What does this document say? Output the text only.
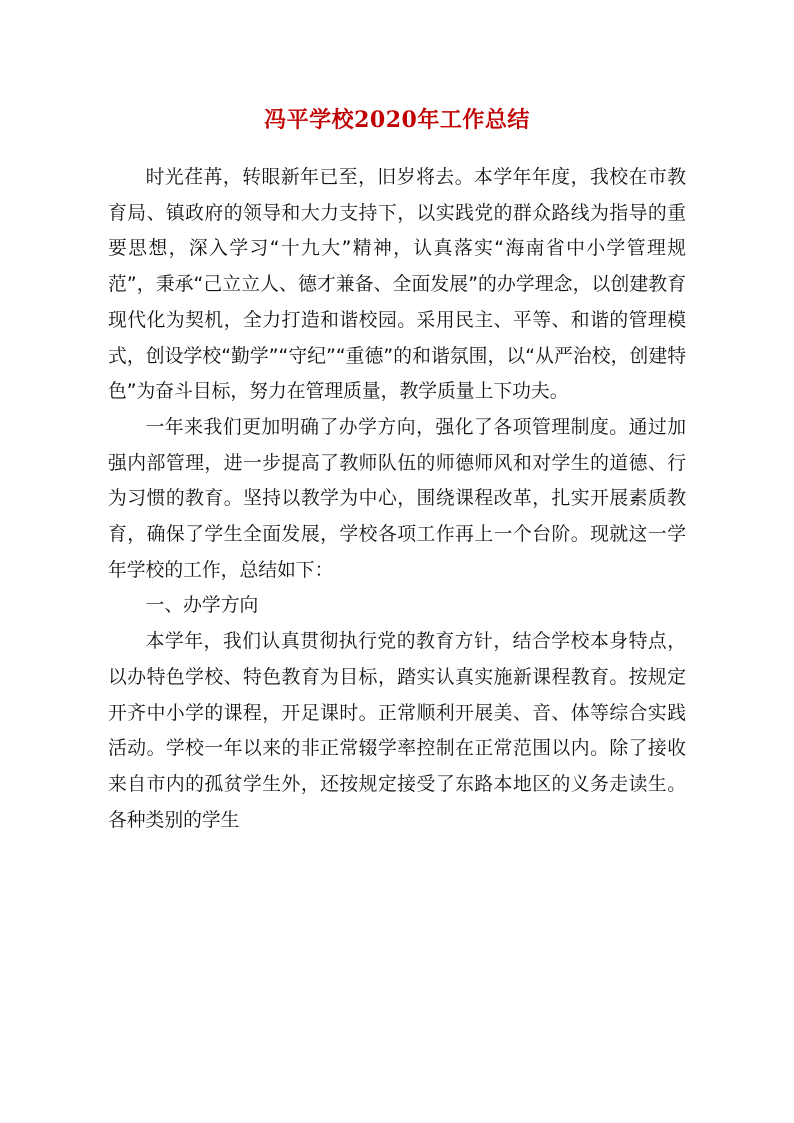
冯平学校2020年工作总结

时光荏苒，转眼新年已至，旧岁将去。本学年年度，我校在市教育局、镇政府的领导和大力支持下，以实践党的群众路线为指导的重要思想，深入学习“十九大”精神，认真落实“海南省中小学管理规范”，秉承“己立立人、德才兼备、全面发展”的办学理念，以创建教育现代化为契机，全力打造和谐校园。采用民主、平等、和谐的管理模式，创设学校“勤学”“守纪”“重德”的和谐氛围，以“从严治校，创建特色”为奋斗目标，努力在管理质量，教学质量上下功夫。

一年来我们更加明确了办学方向，强化了各项管理制度。通过加强内部管理，进一步提高了教师队伍的师德师风和对学生的道德、行为习惯的教育。坚持以教学为中心，围绕课程改革，扎实开展素质教育，确保了学生全面发展，学校各项工作再上一个台阶。现就这一学年学校的工作，总结如下：

一、办学方向

本学年，我们认真贯彻执行党的教育方针，结合学校本身特点，以办特色学校、特色教育为目标，踏实认真实施新课程教育。按规定开齐中小学的课程，开足课时。正常顺利开展美、音、体等综合实践活动。学校一年以来的非正常辍学率控制在正常范围以内。除了接收来自市内的孤贫学生外，还按规定接受了东路本地区的义务走读生。各种类别的学生
